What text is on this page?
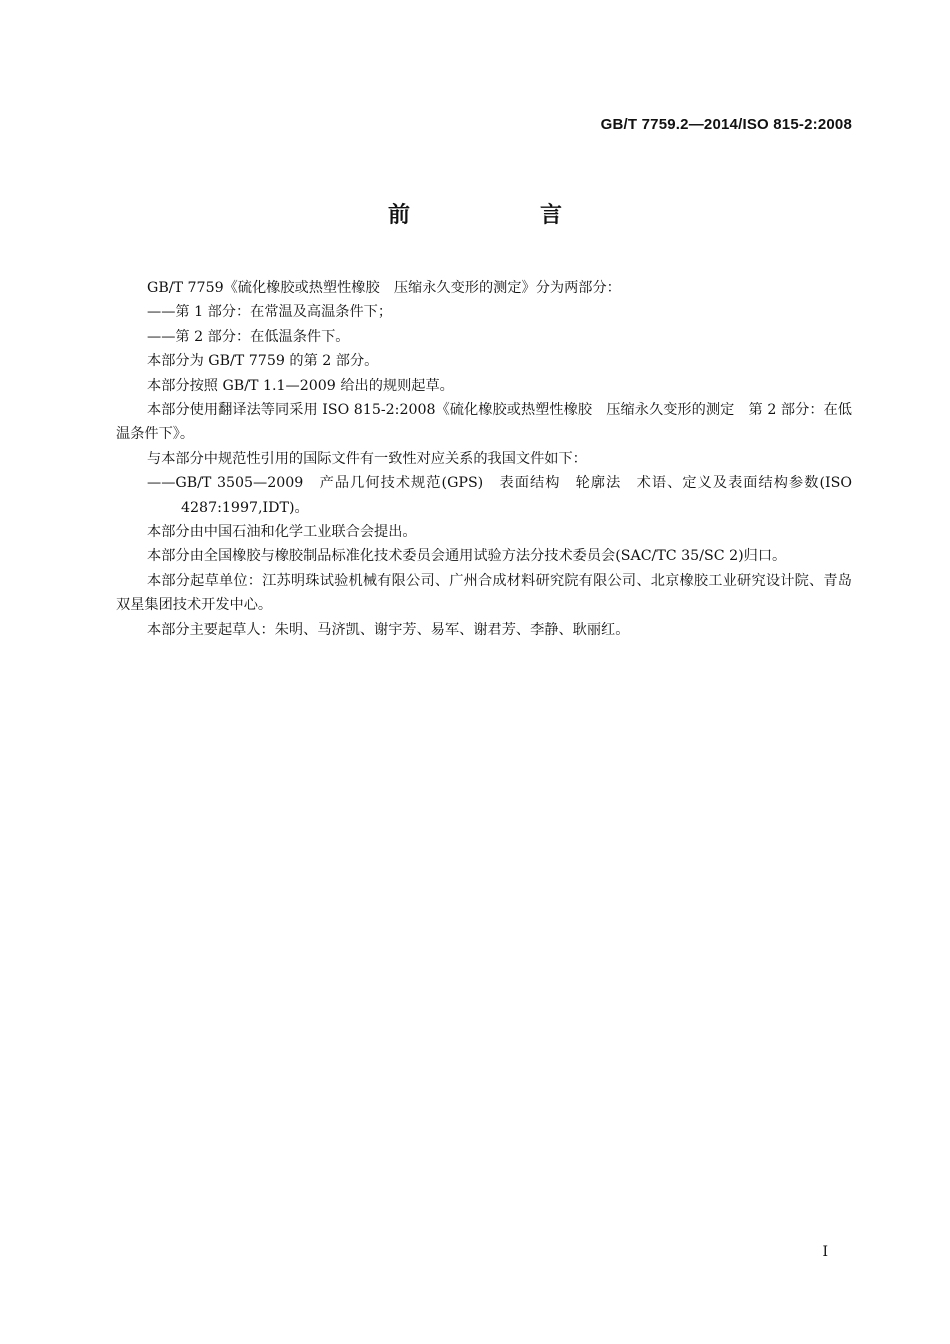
GB/T 7759.2—2014/ISO 815-2:2008
前　言

GB/T 7759《硫化橡胶或热塑性橡胶　压缩永久变形的测定》分为两部分：

——第 1 部分：在常温及高温条件下；

——第 2 部分：在低温条件下。

本部分为 GB/T 7759 的第 2 部分。

本部分按照 GB/T 1.1—2009 给出的规则起草。

本部分使用翻译法等同采用 ISO 815-2:2008《硫化橡胶或热塑性橡胶　压缩永久变形的测定　第 2 部分：在低温条件下》。

与本部分中规范性引用的国际文件有一致性对应关系的我国文件如下：

——GB/T 3505—2009　产品几何技术规范(GPS)　表面结构　轮廓法　术语、定义及表面结构参数(ISO 4287:1997,IDT)。

本部分由中国石油和化学工业联合会提出。

本部分由全国橡胶与橡胶制品标准化技术委员会通用试验方法分技术委员会(SAC/TC 35/SC 2)归口。

本部分起草单位：江苏明珠试验机械有限公司、广州合成材料研究院有限公司、北京橡胶工业研究设计院、青岛双星集团技术开发中心。

本部分主要起草人：朱明、马济凯、谢宇芳、易军、谢君芳、李静、耿丽红。

I
